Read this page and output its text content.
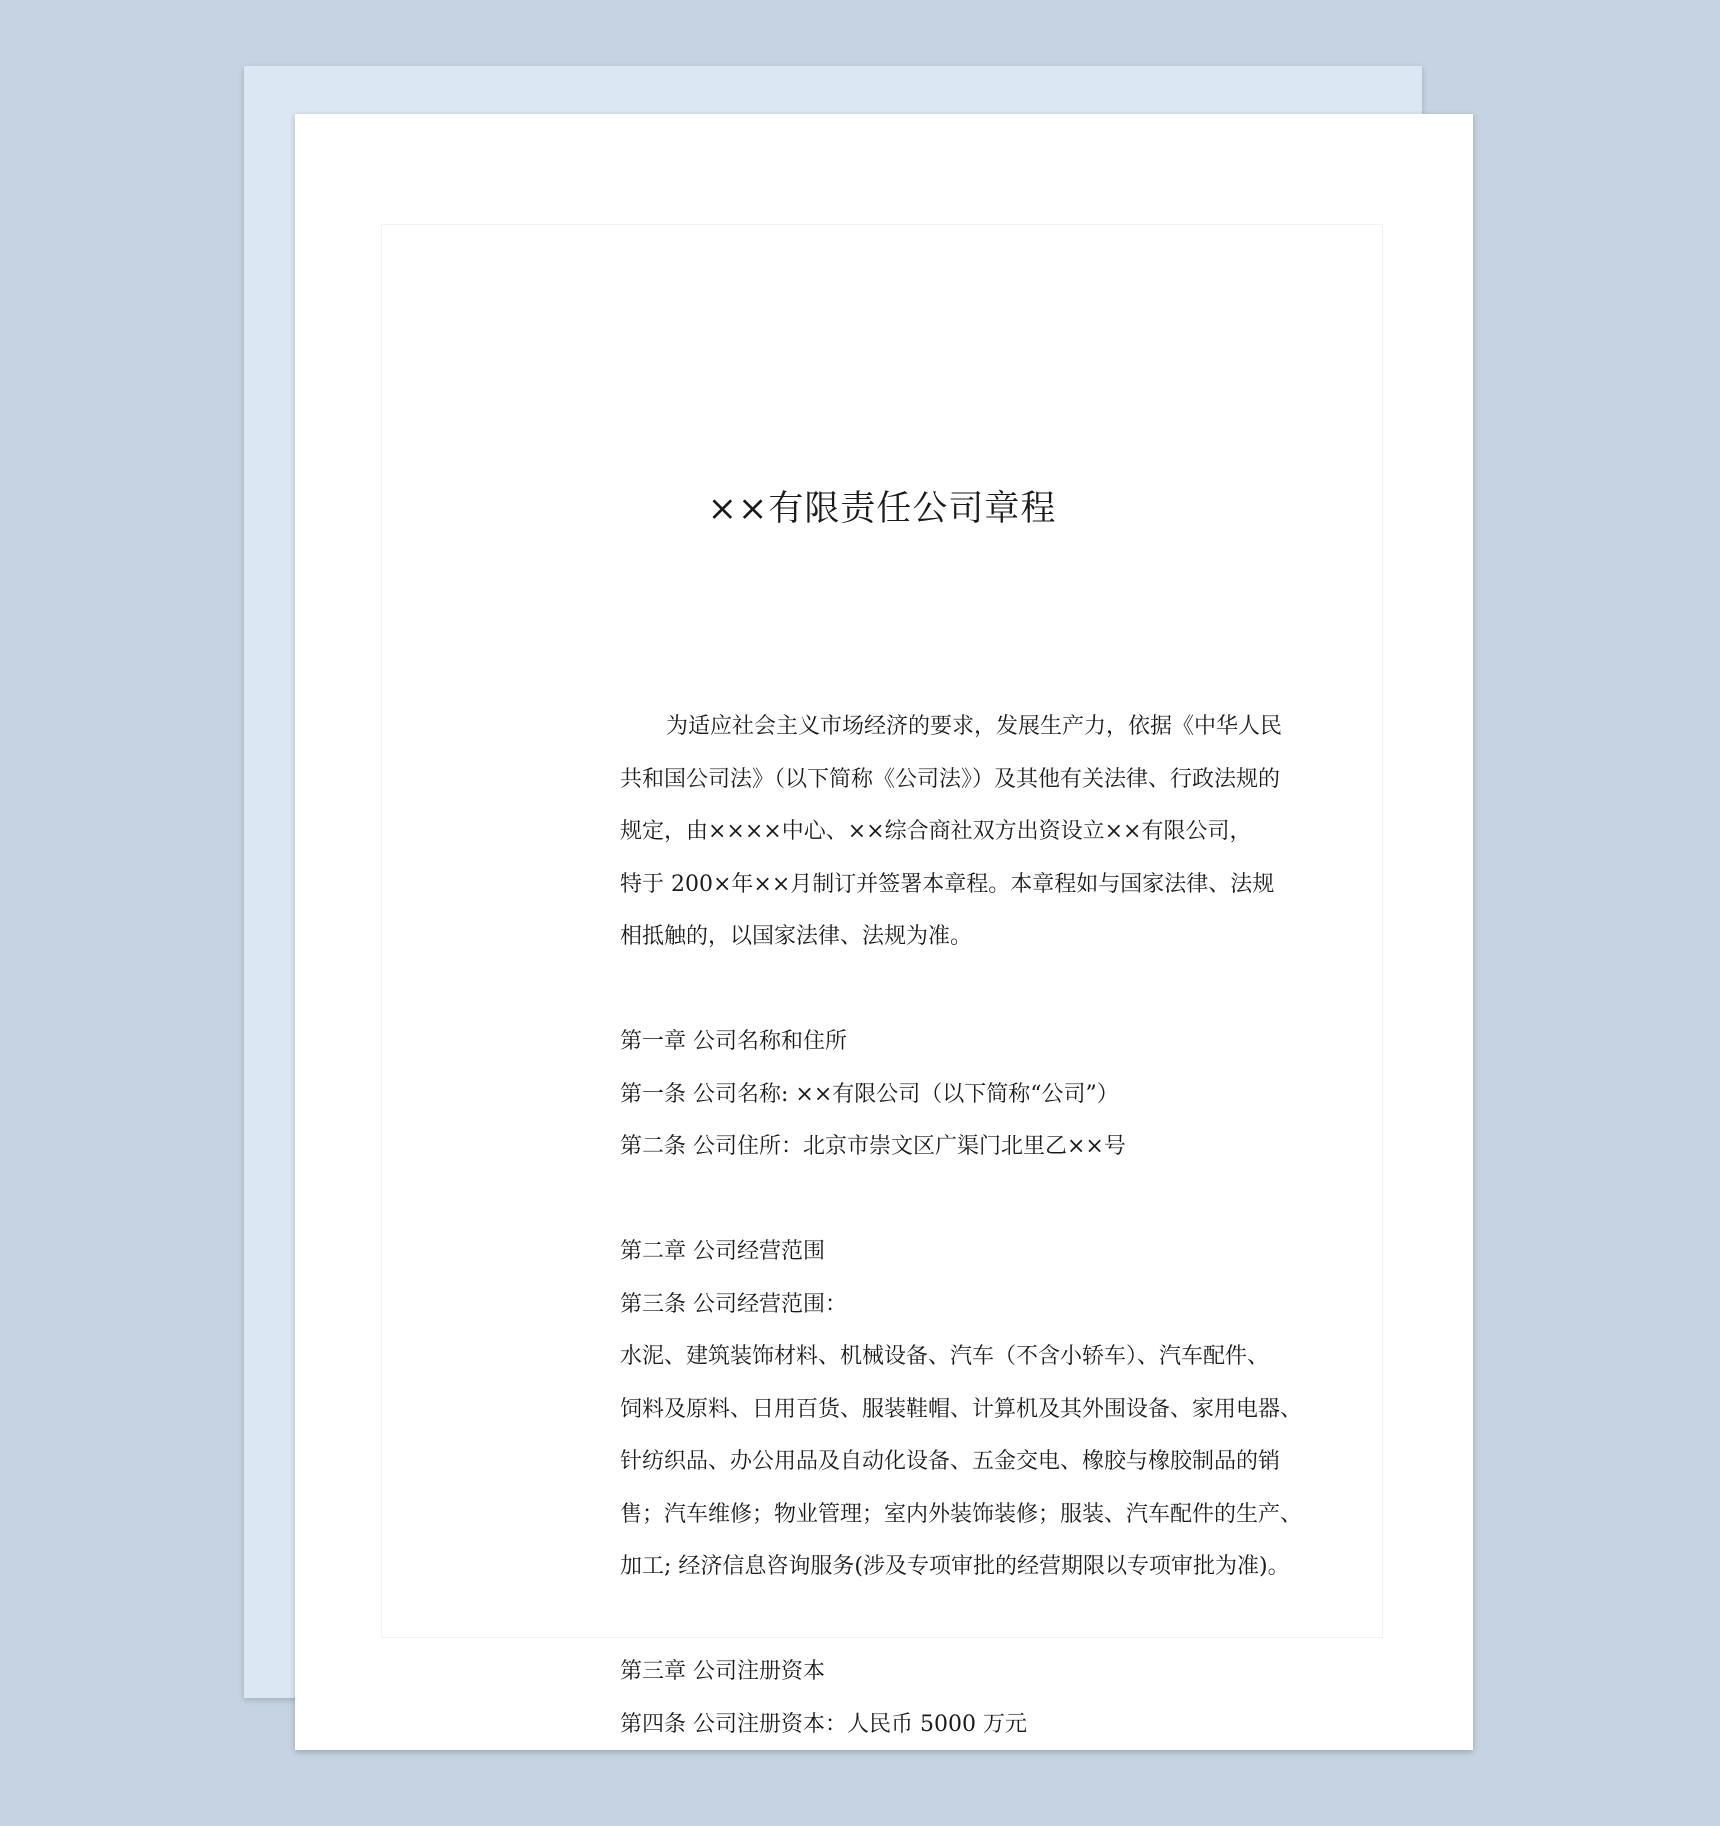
××有限责任公司章程

为适应社会主义市场经济的要求，发展生产力，依据《中华人民

共和国公司法》（以下简称《公司法》）及其他有关法律、行政法规的

规定，由××××中心、××综合商社双方出资设立××有限公司，

特于 200×年××月制订并签署本章程。本章程如与国家法律、法规

相抵触的，以国家法律、法规为准。

第一章 公司名称和住所

第一条 公司名称: ××有限公司（以下简称“公司”）

第二条 公司住所：北京市崇文区广渠门北里乙××号

第二章 公司经营范围

第三条 公司经营范围：

水泥、建筑装饰材料、机械设备、汽车（不含小轿车）、汽车配件、

饲料及原料、日用百货、服装鞋帽、计算机及其外围设备、家用电器、

针纺织品、办公用品及自动化设备、五金交电、橡胶与橡胶制品的销

售；汽车维修；物业管理；室内外装饰装修；服装、汽车配件的生产、

加工; 经济信息咨询服务(涉及专项审批的经营期限以专项审批为准)。

第三章 公司注册资本

第四条 公司注册资本：人民币 5000 万元
